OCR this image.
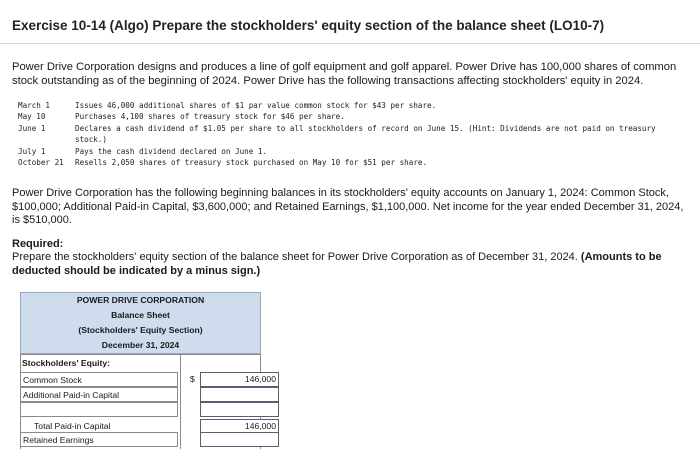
Exercise 10-14 (Algo) Prepare the stockholders' equity section of the balance sheet (LO10-7)
Power Drive Corporation designs and produces a line of golf equipment and golf apparel. Power Drive has 100,000 shares of common stock outstanding as of the beginning of 2024. Power Drive has the following transactions affecting stockholders' equity in 2024.
March 1	Issues 46,000 additional shares of $1 par value common stock for $43 per share.
May 10	Purchases 4,100 shares of treasury stock for $46 per share.
June 1	Declares a cash dividend of $1.05 per share to all stockholders of record on June 15. (Hint: Dividends are not paid on treasury stock.)
July 1	Pays the cash dividend declared on June 1.
October 21	Resells 2,050 shares of treasury stock purchased on May 10 for $51 per share.
Power Drive Corporation has the following beginning balances in its stockholders' equity accounts on January 1, 2024: Common Stock, $100,000; Additional Paid-in Capital, $3,600,000; and Retained Earnings, $1,100,000. Net income for the year ended December 31, 2024, is $510,000.
Required:
Prepare the stockholders' equity section of the balance sheet for Power Drive Corporation as of December 31, 2024. (Amounts to be deducted should be indicated by a minus sign.)
POWER DRIVE CORPORATION
Balance Sheet
(Stockholders' Equity Section)
December 31, 2024
Stockholders' Equity:
Common Stock	$	146,000
Additional Paid-in Capital
Total Paid-in Capital	146,000
Retained Earnings
